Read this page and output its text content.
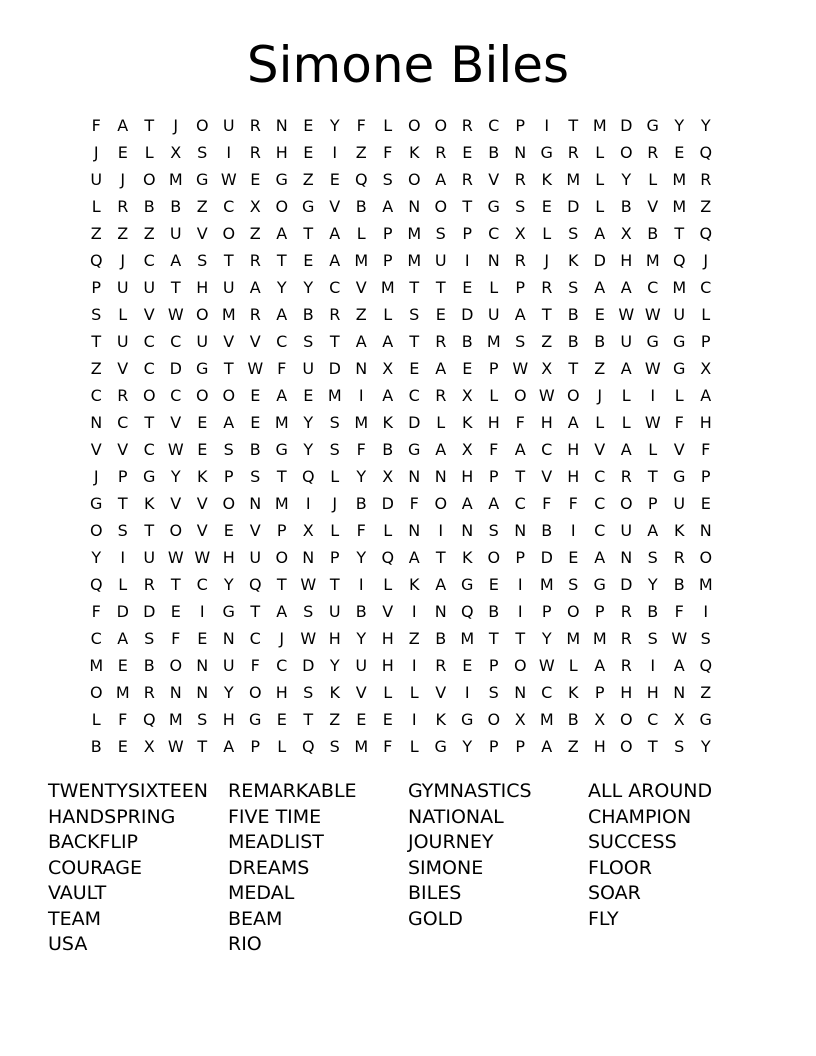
Simone Biles
F	A	T	J	O U R N E	Y	F	L O O R C	P	I	T M D G Y	Y
J	E	L	X S	I	R H E	I	Z	F	K R E B N G R	L O R E Q
U	J	O M G W E G Z E Q S O A R V R K M L	Y	L M R
L	R B B Z C X O G V B A N O T G S	E D L	B V M Z
Z Z Z U V O Z A	T	A	L	P M S	P	C X	L	S A X B	T Q
Q	J	C A S	T	R	T	E A M P M U	I	N R	J	K D H M Q	J
P U U T H U A	Y	Y	C V M T	T	E	L	P	R S A A C M C
S	L	V W O M R A B R Z	L	S	E D U A	T	B E W W U	L
T U C C U V V C S	T	A A	T	R B M S Z B B U G G P
Z V C D G T W F	U D N X E A E	P W X	T	Z A W G X
C R O C O O E A E M	I	A C R X	L O W O	J	L	I	L	A
N C	T	V E A E M Y	S M K D L	K H F H A	L	L W F H
V V C W E	S B G Y	S	F	B G A X	F	A C H V A	L	V	F
J	P G Y	K	P	S	T Q L	Y	X N N H P	T	V H C R	T G P
G T	K V V O N M	I	J	B D F O A A C	F	F	C O P U E
O S	T O V E V	P	X	L	F	L	N	I	N S N B	I	C U A K N
Y	I	U W W H U O N P	Y Q A	T	K O P D E A N S R O
Q L	R	T	C	Y Q T W T	I	L	K A G E	I	M S G D Y	B M
F D D E	I	G T	A S U B V	I	N Q B	I	P O P	R B	F	I
C A S	F	E N C	J	W H Y H Z B M T	T	Y M M R S W S
M E B O N U	F	C D Y U H	I	R E	P O W L	A R	I	A Q
O M R N N Y O H S	K V	L	L	V	I	S N C K	P H H N Z
L	F Q M S H G E	T	Z E	E	I	K G O X M B X O C X G
B E X W T	A	P	L Q S M F	L G Y	P	P	A Z H O T	S	Y
TWENTYSIXTEEN	REMARKABLE	GYMNASTICS	ALL AROUND
HANDSPRING	FIVE TIME	NATIONAL	CHAMPION
BACKFLIP	MEADLIST	JOURNEY	SUCCESS
COURAGE	DREAMS	SIMONE	FLOOR
VAULT	MEDAL	BILES	SOAR
TEAM	BEAM	GOLD	FLY
USA	RIO
